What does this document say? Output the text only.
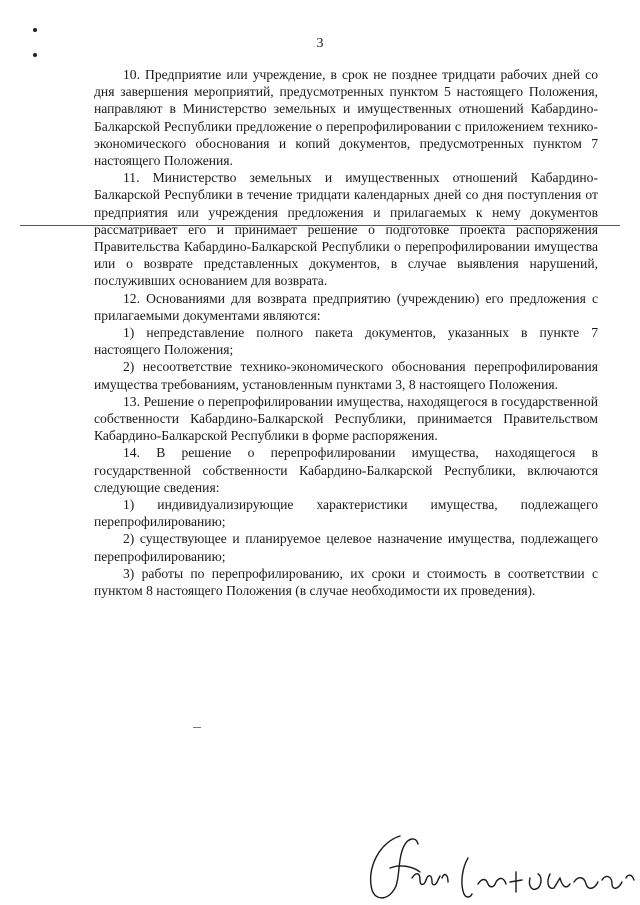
3

10. Предприятие или учреждение, в срок не позднее тридцати рабочих дней со дня завершения мероприятий, предусмотренных пунктом 5 настоящего Положения, направляют в Министерство земельных и имущественных отношений Кабардино-Балкарской Республики предложение о перепрофилировании с приложением технико-экономического обоснования и копий документов, предусмотренных пунктом 7 настоящего Положения.

11. Министерство земельных и имущественных отношений Кабардино-Балкарской Республики в течение тридцати календарных дней со дня поступления от предприятия или учреждения предложения и прилагаемых к нему документов рассматривает его и принимает решение о подготовке проекта распоряжения Правительства Кабардино-Балкарской Республики о перепрофилировании имущества или о возврате представленных документов, в случае выявления нарушений, послуживших основанием для возврата.

12. Основаниями для возврата предприятию (учреждению) его предложения с прилагаемыми документами являются:

1) непредставление полного пакета документов, указанных в пункте 7 настоящего Положения;

2) несоответствие технико-экономического обоснования перепрофилирования имущества требованиям, установленным пунктами 3, 8 настоящего Положения.

13. Решение о перепрофилировании имущества, находящегося в государственной собственности Кабардино-Балкарской Республики, принимается Правительством Кабардино-Балкарской Республики в форме распоряжения.

14. В решение о перепрофилировании имущества, находящегося в государственной собственности Кабардино-Балкарской Республики, включаются следующие сведения:

1) индивидуализирующие характеристики имущества, подлежащего перепрофилированию;

2) существующее и планируемое целевое назначение имущества, подлежащего перепрофилированию;

3) работы по перепрофилированию, их сроки и стоимость в соответствии с пунктом 8 настоящего Положения (в случае необходимости их проведения).
